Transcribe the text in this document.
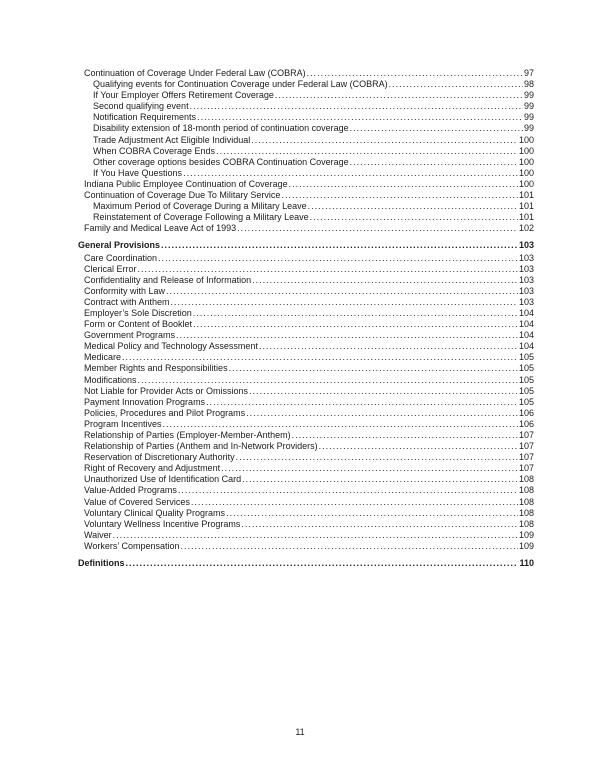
Continuation of Coverage Under Federal Law (COBRA) .....	97
Qualifying events for Continuation Coverage under Federal Law (COBRA) .....	98
If Your Employer Offers Retirement Coverage .....	99
Second qualifying event .....	99
Notification Requirements .....	99
Disability extension of 18-month period of continuation coverage .....	99
Trade Adjustment Act Eligible Individual .....	100
When COBRA Coverage Ends .....	100
Other coverage options besides COBRA Continuation Coverage .....	100
If You Have Questions .....	100
Indiana Public Employee Continuation of Coverage .....	100
Continuation of Coverage Due To Military Service .....	101
Maximum Period of Coverage During a Military Leave .....	101
Reinstatement of Coverage Following a Military Leave .....	101
Family and Medical Leave Act of 1993 .....	102
General Provisions .....	103
Care Coordination .....	103
Clerical Error .....	103
Confidentiality and Release of Information .....	103
Conformity with Law .....	103
Contract with Anthem .....	103
Employer’s Sole Discretion .....	104
Form or Content of Booklet .....	104
Government Programs .....	104
Medical Policy and Technology Assessment .....	104
Medicare .....	105
Member Rights and Responsibilities .....	105
Modifications .....	105
Not Liable for Provider Acts or Omissions .....	105
Payment Innovation Programs .....	105
Policies, Procedures and Pilot Programs .....	106
Program Incentives .....	106
Relationship of Parties (Employer-Member-Anthem) .....	107
Relationship of Parties (Anthem and In-Network Providers) .....	107
Reservation of Discretionary Authority .....	107
Right of Recovery and Adjustment .....	107
Unauthorized Use of Identification Card .....	108
Value-Added Programs .....	108
Value of Covered Services .....	108
Voluntary Clinical Quality Programs .....	108
Voluntary Wellness Incentive Programs .....	108
Waiver .....	109
Workers’ Compensation .....	109
Definitions .....	110
11
